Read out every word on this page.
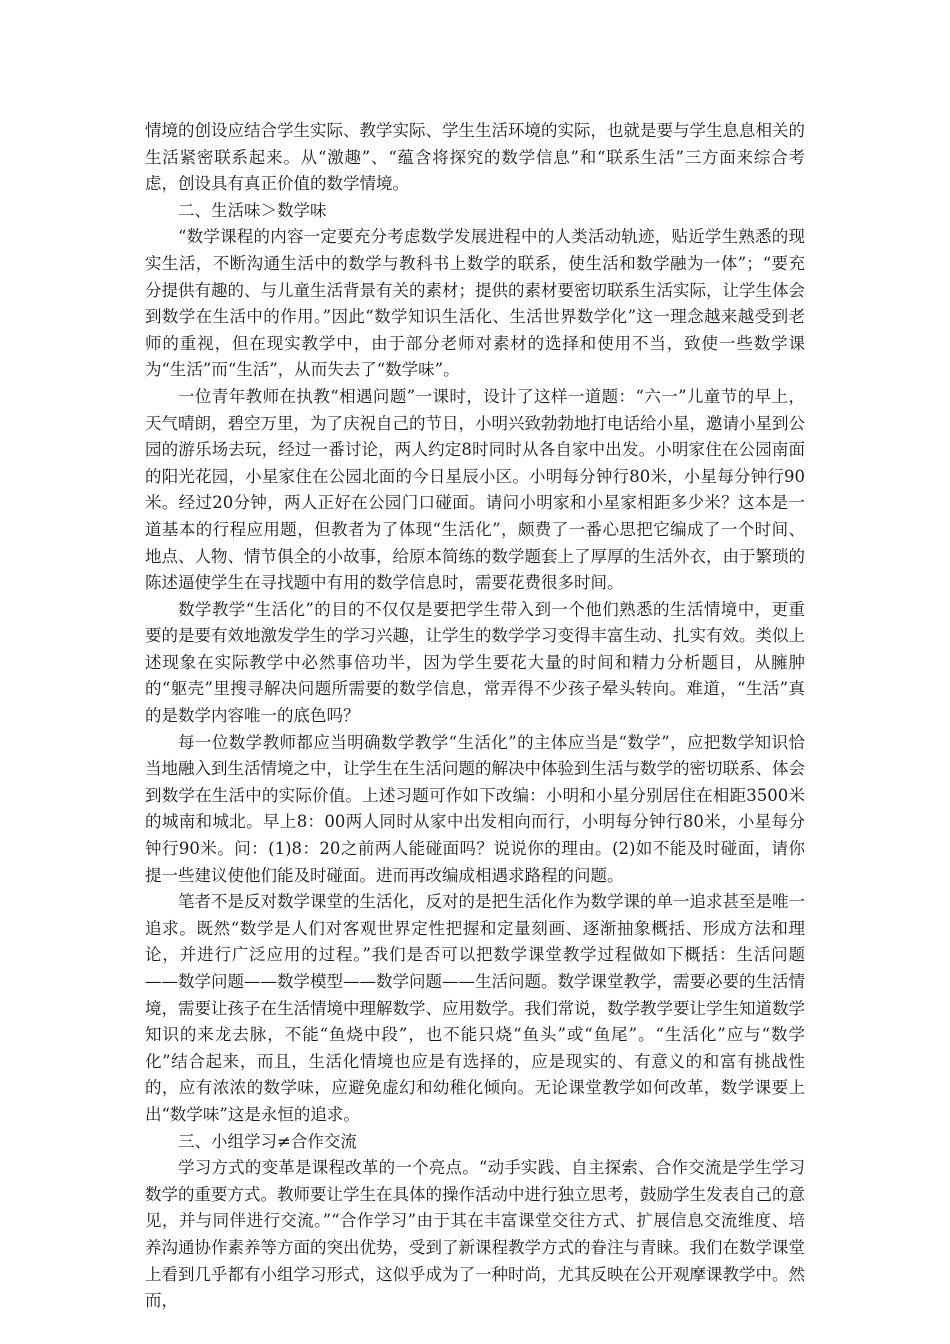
情境的创设应结合学生实际、教学实际、学生生活环境的实际，也就是要与学生息息相关的生活紧密联系起来。从“激趣”、“蕴含将探究的数学信息”和“联系生活”三方面来综合考虑，创设具有真正价值的数学情境。

二、生活味＞数学味

“数学课程的内容一定要充分考虑数学发展进程中的人类活动轨迹，贴近学生熟悉的现实生活，不断沟通生活中的数学与教科书上数学的联系，使生活和数学融为一体”；“要充分提供有趣的、与儿童生活背景有关的素材；提供的素材要密切联系生活实际，让学生体会到数学在生活中的作用。”因此“数学知识生活化、生活世界数学化”这一理念越来越受到老师的重视，但在现实教学中，由于部分老师对素材的选择和使用不当，致使一些数学课为“生活”而“生活”，从而失去了“数学味”。

一位青年教师在执教“相遇问题”一课时，设计了这样一道题：“六一”儿童节的早上，天气晴朗，碧空万里，为了庆祝自己的节日，小明兴致勃勃地打电话给小星，邀请小星到公园的游乐场去玩，经过一番讨论，两人约定8时同时从各自家中出发。小明家住在公园南面的阳光花园，小星家住在公园北面的今日星辰小区。小明每分钟行80米，小星每分钟行90米。经过20分钟，两人正好在公园门口碰面。请问小明家和小星家相距多少米？这本是一道基本的行程应用题，但教者为了体现“生活化”，颇费了一番心思把它编成了一个时间、地点、人物、情节俱全的小故事，给原本简练的数学题套上了厚厚的生活外衣，由于繁琐的陈述逼使学生在寻找题中有用的数学信息时，需要花费很多时间。

数学教学“生活化”的目的不仅仅是要把学生带入到一个他们熟悉的生活情境中，更重要的是要有效地激发学生的学习兴趣，让学生的数学学习变得丰富生动、扎实有效。类似上述现象在实际教学中必然事倍功半，因为学生要花大量的时间和精力分析题目，从臃肿的“躯壳”里搜寻解决问题所需要的数学信息，常弄得不少孩子晕头转向。难道，“生活”真的是数学内容唯一的底色吗？

每一位数学教师都应当明确数学教学“生活化”的主体应当是“数学”，应把数学知识恰当地融入到生活情境之中，让学生在生活问题的解决中体验到生活与数学的密切联系、体会到数学在生活中的实际价值。上述习题可作如下改编：小明和小星分别居住在相距3500米的城南和城北。早上8：00两人同时从家中出发相向而行，小明每分钟行80米，小星每分钟行90米。问：(1)8：20之前两人能碰面吗？说说你的理由。(2)如不能及时碰面，请你提一些建议使他们能及时碰面。进而再改编成相遇求路程的问题。

笔者不是反对数学课堂的生活化，反对的是把生活化作为数学课的单一追求甚至是唯一追求。既然“数学是人们对客观世界定性把握和定量刻画、逐渐抽象概括、形成方法和理论，并进行广泛应用的过程。”我们是否可以把数学课堂教学过程做如下概括：生活问题——数学问题——数学模型——数学问题——生活问题。数学课堂教学，需要必要的生活情境，需要让孩子在生活情境中理解数学、应用数学。我们常说，数学教学要让学生知道数学知识的来龙去脉，不能“鱼烧中段”，也不能只烧“鱼头”或“鱼尾”。“生活化”应与“数学化”结合起来，而且，生活化情境也应是有选择的，应是现实的、有意义的和富有挑战性的，应有浓浓的数学味，应避免虚幻和幼稚化倾向。无论课堂教学如何改革，数学课要上出“数学味”这是永恒的追求。

三、小组学习≠合作交流

学习方式的变革是课程改革的一个亮点。“动手实践、自主探索、合作交流是学生学习数学的重要方式。教师要让学生在具体的操作活动中进行独立思考，鼓励学生发表自己的意见，并与同伴进行交流。”“合作学习”由于其在丰富课堂交往方式、扩展信息交流维度、培养沟通协作素养等方面的突出优势，受到了新课程教学方式的眷注与青睐。我们在数学课堂上看到几乎都有小组学习形式，这似乎成为了一种时尚，尤其反映在公开观摩课教学中。然而，
